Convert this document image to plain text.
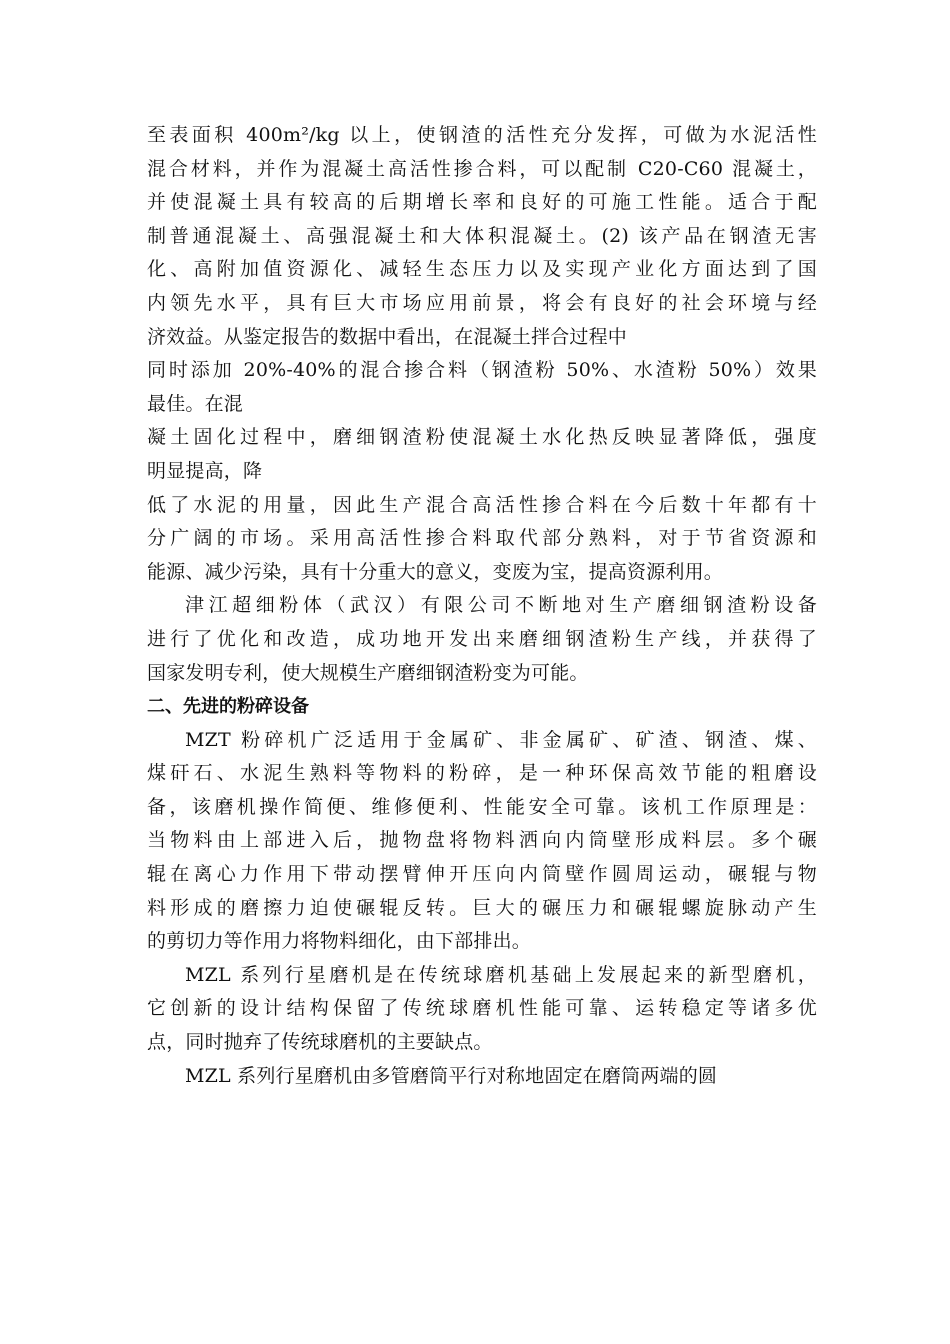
至表面积 400m²/kg 以上，使钢渣的活性充分发挥，可做为水泥活性
混合材料，并作为混凝土高活性掺合料，可以配制 C20-C60 混凝土，
并使混凝土具有较高的后期增长率和良好的可施工性能。适合于配
制普通混凝土、高强混凝土和大体积混凝土。(2) 该产品在钢渣无害
化、高附加值资源化、减轻生态压力以及实现产业化方面达到了国
内领先水平，具有巨大市场应用前景，将会有良好的社会环境与经
济效益。从鉴定报告的数据中看出，在混凝土拌合过程中
同时添加 20%-40%的混合掺合料（钢渣粉 50%、水渣粉 50%）效果
最佳。在混
凝土固化过程中，磨细钢渣粉使混凝土水化热反映显著降低，强度
明显提高，降
低了水泥的用量，因此生产混合高活性掺合料在今后数十年都有十
分广阔的市场。采用高活性掺合料取代部分熟料，对于节省资源和
能源、减少污染，具有十分重大的意义，变废为宝，提高资源利用。
津江超细粉体（武汉）有限公司不断地对生产磨细钢渣粉设备
进行了优化和改造，成功地开发出来磨细钢渣粉生产线，并获得了
国家发明专利，使大规模生产磨细钢渣粉变为可能。
二、先进的粉碎设备
MZT 粉碎机广泛适用于金属矿、非金属矿、矿渣、钢渣、煤、
煤矸石、水泥生熟料等物料的粉碎，是一种环保高效节能的粗磨设
备，该磨机操作简便、维修便利、性能安全可靠。该机工作原理是：
当物料由上部进入后，抛物盘将物料洒向内筒壁形成料层。多个碾
辊在离心力作用下带动摆臂伸开压向内筒壁作圆周运动，碾辊与物
料形成的磨擦力迫使碾辊反转。巨大的碾压力和碾辊螺旋脉动产生
的剪切力等作用力将物料细化，由下部排出。
MZL 系列行星磨机是在传统球磨机基础上发展起来的新型磨机，
它创新的设计结构保留了传统球磨机性能可靠、运转稳定等诸多优
点，同时抛弃了传统球磨机的主要缺点。
MZL 系列行星磨机由多管磨筒平行对称地固定在磨筒两端的圆
